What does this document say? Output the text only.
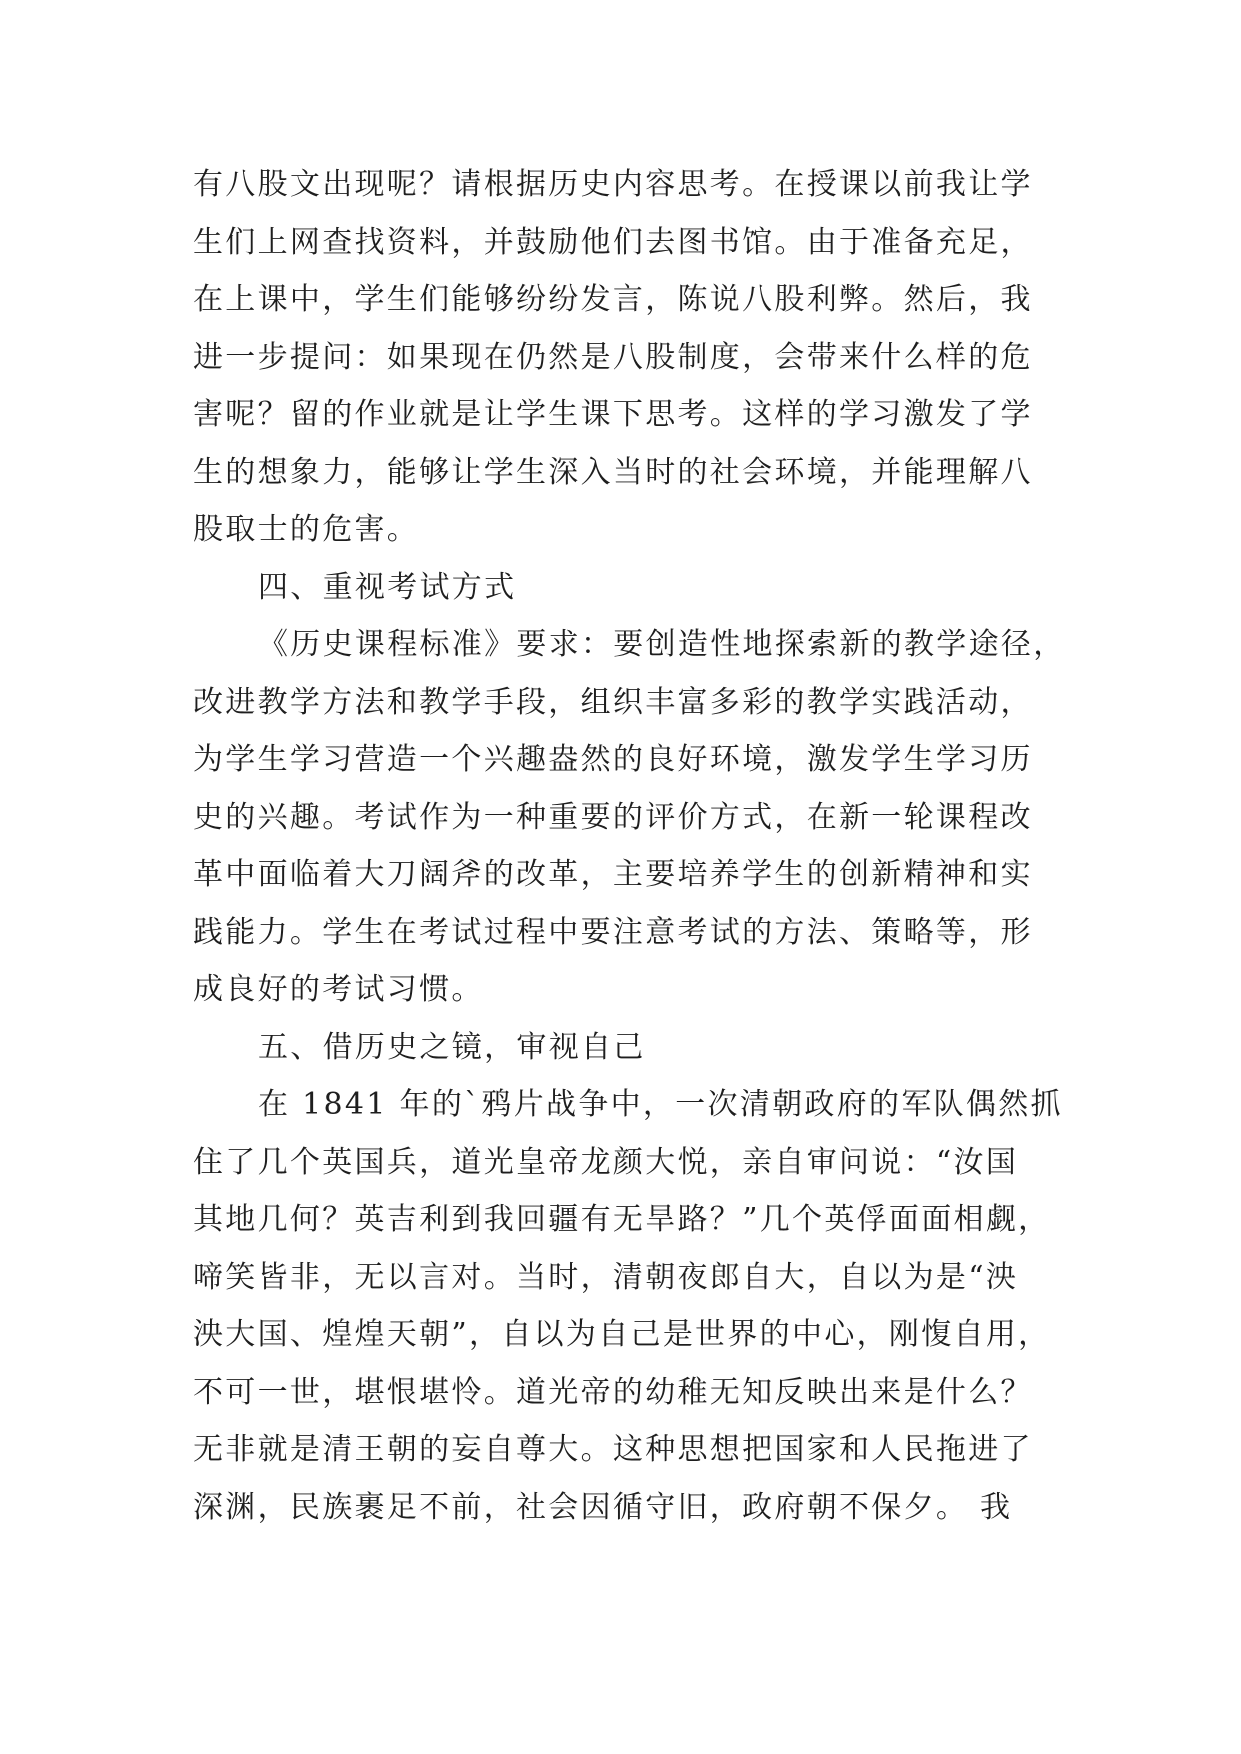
有八股文出现呢？请根据历史内容思考。在授课以前我让学
生们上网查找资料，并鼓励他们去图书馆。由于准备充足，
在上课中，学生们能够纷纷发言，陈说八股利弊。然后，我
进一步提问：如果现在仍然是八股制度，会带来什么样的危
害呢？留的作业就是让学生课下思考。这样的学习激发了学
生的想象力，能够让学生深入当时的社会环境，并能理解八
股取士的危害。
四、重视考试方式
《历史课程标准》要求：要创造性地探索新的教学途径，
改进教学方法和教学手段，组织丰富多彩的教学实践活动，
为学生学习营造一个兴趣盎然的良好环境，激发学生学习历
史的兴趣。考试作为一种重要的评价方式，在新一轮课程改
革中面临着大刀阔斧的改革，主要培养学生的创新精神和实
践能力。学生在考试过程中要注意考试的方法、策略等，形
成良好的考试习惯。
五、借历史之镜，审视自己
在 1841 年的`鸦片战争中，一次清朝政府的军队偶然抓
住了几个英国兵，道光皇帝龙颜大悦，亲自审问说：“汝国
其地几何？英吉利到我回疆有无旱路？”几个英俘面面相觑，
啼笑皆非，无以言对。当时，清朝夜郎自大，自以为是“泱
泱大国、煌煌天朝”，自以为自己是世界的中心，刚愎自用，
不可一世，堪恨堪怜。道光帝的幼稚无知反映出来是什么？
无非就是清王朝的妄自尊大。这种思想把国家和人民拖进了
深渊，民族裹足不前，社会因循守旧，政府朝不保夕。 我
